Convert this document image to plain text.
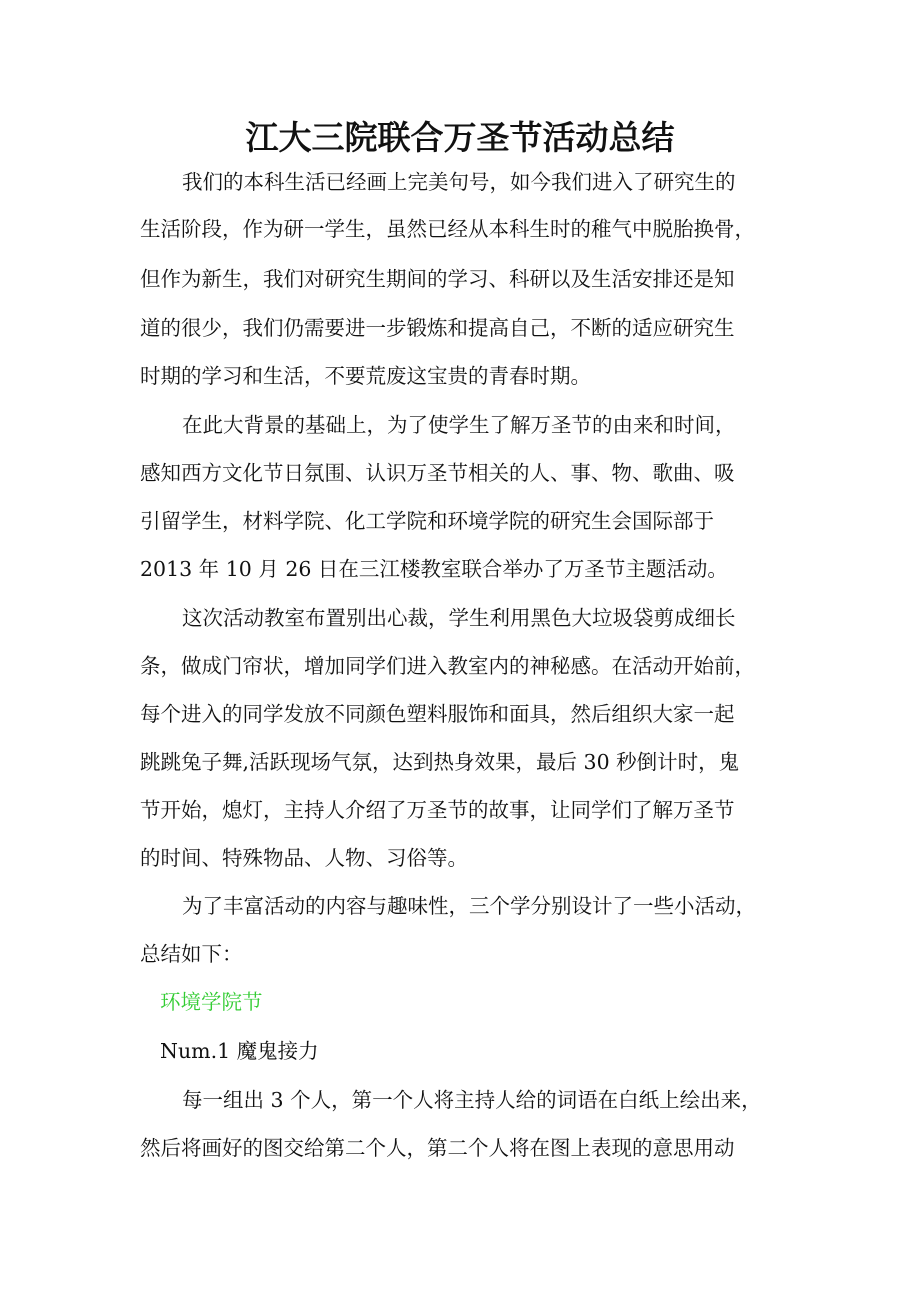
江大三院联合万圣节活动总结

我们的本科生活已经画上完美句号，如今我们进入了研究生的

生活阶段，作为研一学生，虽然已经从本科生时的稚气中脱胎换骨，

但作为新生，我们对研究生期间的学习、科研以及生活安排还是知

道的很少，我们仍需要进一步锻炼和提高自己，不断的适应研究生

时期的学习和生活，不要荒废这宝贵的青春时期。

在此大背景的基础上，为了使学生了解万圣节的由来和时间，

感知西方文化节日氛围、认识万圣节相关的人、事、物、歌曲、吸

引留学生，材料学院、化工学院和环境学院的研究生会国际部于

2013 年 10 月 26 日在三江楼教室联合举办了万圣节主题活动。

这次活动教室布置别出心裁，学生利用黑色大垃圾袋剪成细长

条，做成门帘状，增加同学们进入教室内的神秘感。在活动开始前，

每个进入的同学发放不同颜色塑料服饰和面具，然后组织大家一起

跳跳兔子舞,活跃现场气氛，达到热身效果，最后 30 秒倒计时，鬼

节开始，熄灯，主持人介绍了万圣节的故事，让同学们了解万圣节

的时间、特殊物品、人物、习俗等。

为了丰富活动的内容与趣味性，三个学分别设计了一些小活动，

总结如下：

环境学院节

Num.1 魔鬼接力

每一组出 3 个人，第一个人将主持人给的词语在白纸上绘出来，

然后将画好的图交给第二个人，第二个人将在图上表现的意思用动
